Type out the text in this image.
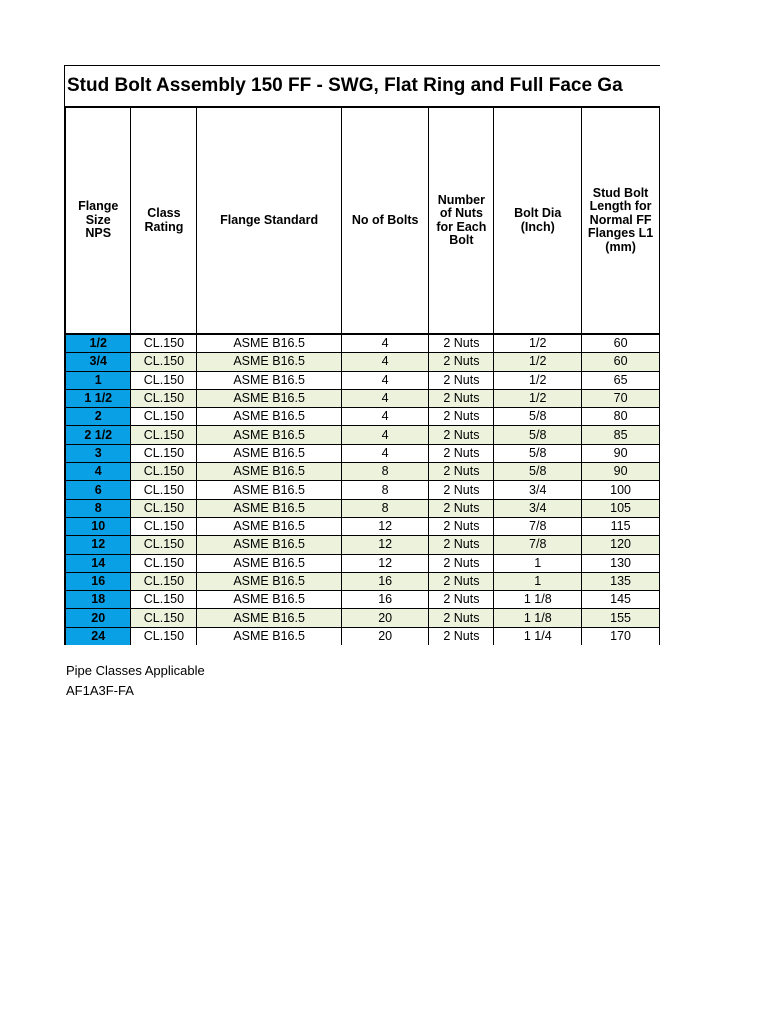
Stud Bolt Assembly 150 FF - SWG, Flat Ring and Full Face Ga
Flange Size NPS	Class Rating	Flange Standard	No of Bolts	Number of Nuts for Each Bolt	Bolt Dia (Inch)	Stud Bolt Length for Normal FF Flanges L1 (mm)
1/2	CL.150	ASME B16.5	4	2 Nuts	1/2	60
3/4	CL.150	ASME B16.5	4	2 Nuts	1/2	60
1	CL.150	ASME B16.5	4	2 Nuts	1/2	65
1 1/2	CL.150	ASME B16.5	4	2 Nuts	1/2	70
2	CL.150	ASME B16.5	4	2 Nuts	5/8	80
2 1/2	CL.150	ASME B16.5	4	2 Nuts	5/8	85
3	CL.150	ASME B16.5	4	2 Nuts	5/8	90
4	CL.150	ASME B16.5	8	2 Nuts	5/8	90
6	CL.150	ASME B16.5	8	2 Nuts	3/4	100
8	CL.150	ASME B16.5	8	2 Nuts	3/4	105
10	CL.150	ASME B16.5	12	2 Nuts	7/8	115
12	CL.150	ASME B16.5	12	2 Nuts	7/8	120
14	CL.150	ASME B16.5	12	2 Nuts	1	130
16	CL.150	ASME B16.5	16	2 Nuts	1	135
18	CL.150	ASME B16.5	16	2 Nuts	1 1/8	145
20	CL.150	ASME B16.5	20	2 Nuts	1 1/8	155
24	CL.150	ASME B16.5	20	2 Nuts	1 1/4	170
Pipe Classes Applicable
AF1A3F-FA
